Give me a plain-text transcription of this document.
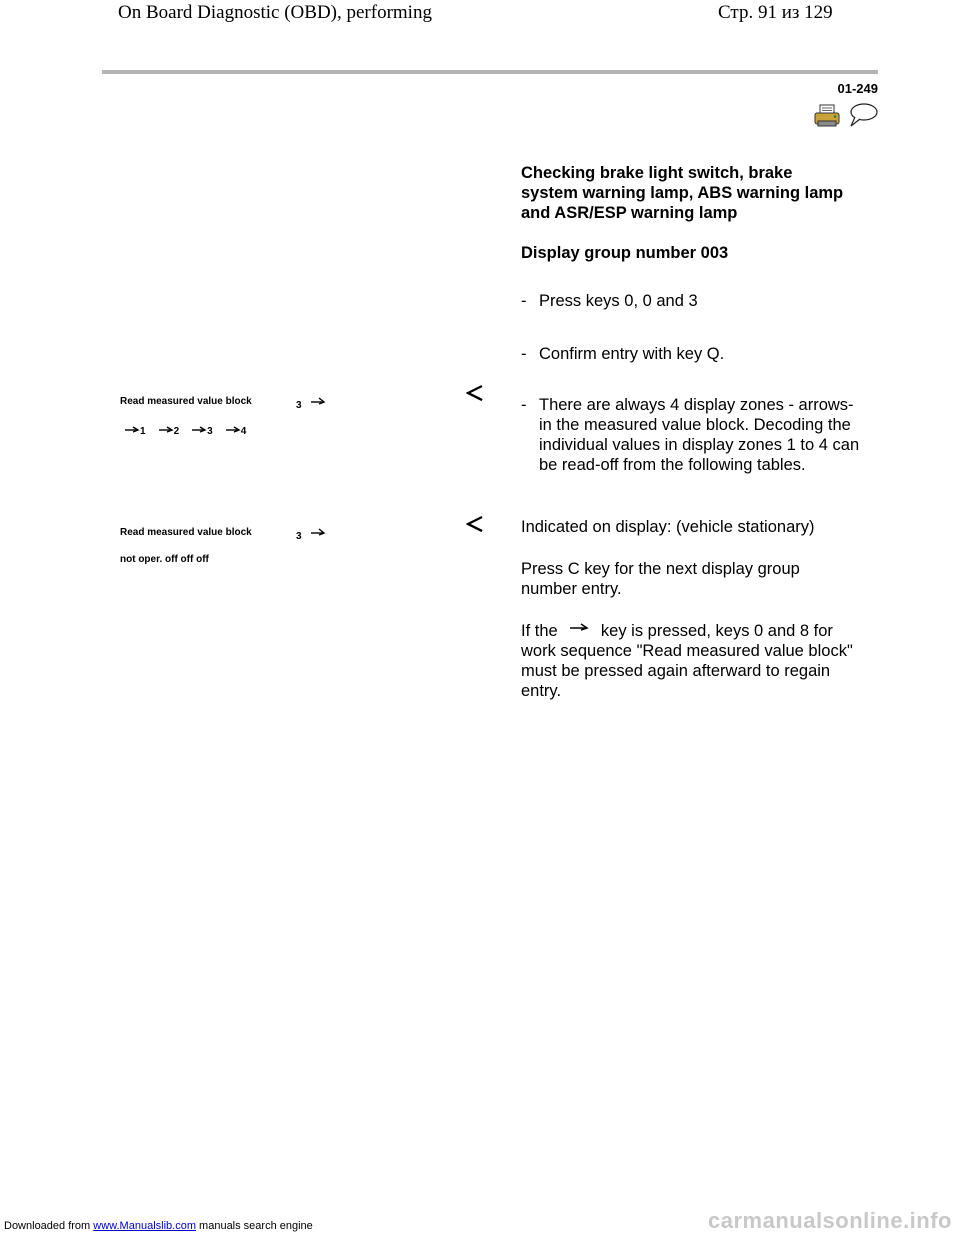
On Board Diagnostic (OBD), performing	Стр. 91 из 129
01-249
Checking brake light switch, brake system warning lamp, ABS warning lamp and ASR/ESP warning lamp
Display group number 003
- Press keys 0, 0 and 3
- Confirm entry with key Q.
- There are always 4 display zones - arrows- in the measured value block. Decoding the individual values in display zones 1 to 4 can be read-off from the following tables.
Read measured value block	3
1	2	3	4
Read measured value block	3
not oper. off off off
Indicated on display: (vehicle stationary)
Press C key for the next display group number entry.
If the	key is pressed, keys 0 and 8 for work sequence "Read measured value block" must be pressed again afterward to regain entry.
Downloaded from www.Manualslib.com manuals search engine	carmanualsonline.info
